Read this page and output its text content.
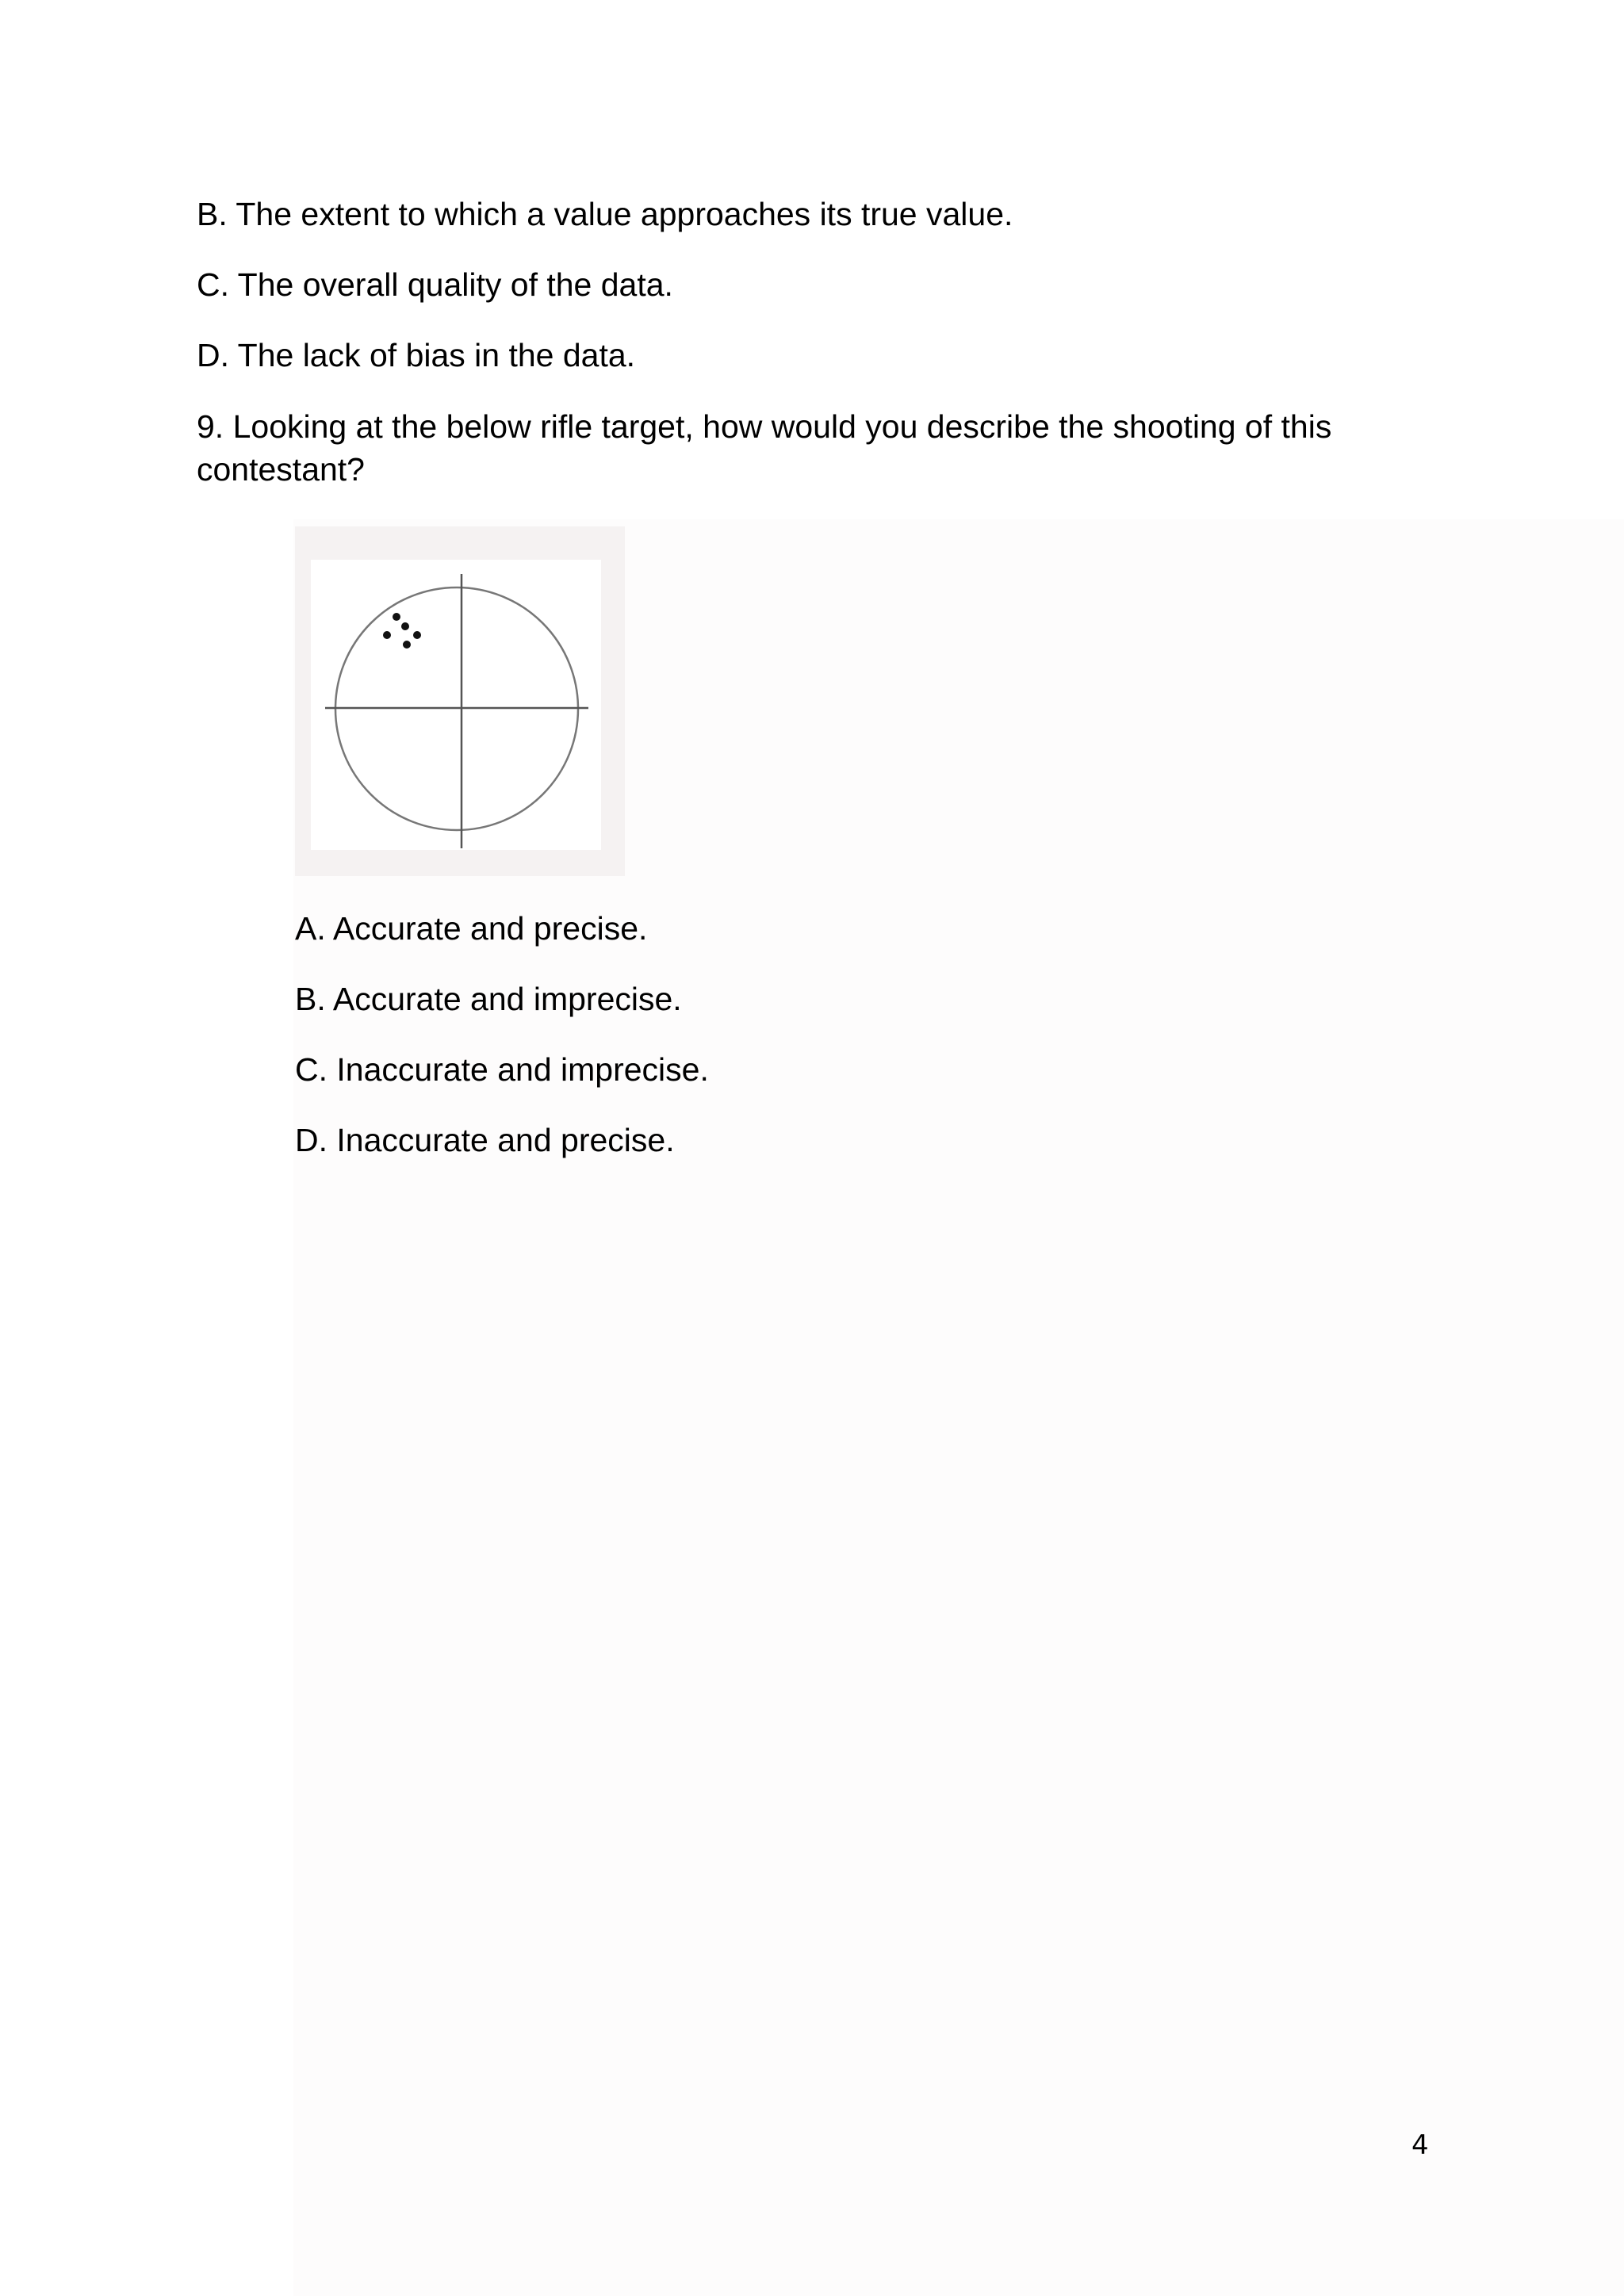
B. The extent to which a value approaches its true value.

C. The overall quality of the data.

D. The lack of bias in the data.

9. Looking at the below rifle target, how would you describe the shooting of this

contestant?

A. Accurate and precise.

B. Accurate and imprecise.

C. Inaccurate and imprecise.

D. Inaccurate and precise.

4
